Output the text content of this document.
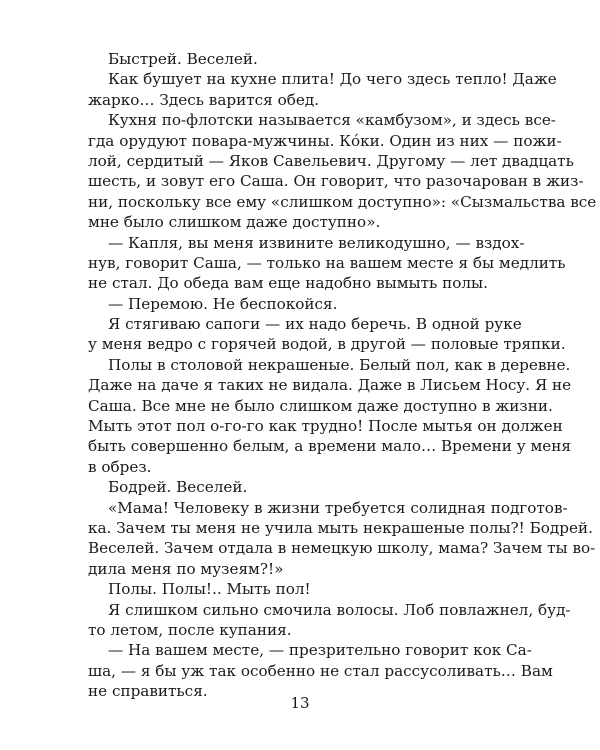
Быстрей. Веселей.
Как бушует на кухне плита! До чего здесь тепло! Даже
жарко… Здесь варится обед.
Кухня по-флотски называется «камбузом», и здесь все-
гда орудуют повара-мужчины. Кóки. Один из них — пожи-
лой, сердитый — Яков Савельевич. Другому — лет двадцать
шесть, и зовут его Саша. Он говорит, что разочарован в жиз-
ни, поскольку все ему «слишком доступно»: «Сызмальства все
мне было слишком даже доступно».
— Капля, вы меня извините великодушно, — вздох-
нув, говорит Саша, — только на вашем месте я бы медлить
не стал. До обеда вам еще надобно вымыть полы.
— Перемою. Не беспокойся.
Я стягиваю сапоги — их надо беречь. В одной руке
у меня ведро с горячей водой, в другой — половые тряпки.
Полы в столовой некрашеные. Белый пол, как в деревне.
Даже на даче я таких не видала. Даже в Лисьем Носу. Я не
Саша. Все мне не было слишком даже доступно в жизни.
Мыть этот пол о-го-го как трудно! После мытья он должен
быть совершенно белым, а времени мало… Времени у меня
в обрез.
Бодрей. Веселей.
«Мама! Человеку в жизни требуется солидная подготов-
ка. Зачем ты меня не учила мыть некрашеные полы?! Бодрей.
Веселей. Зачем отдала в немецкую школу, мама? Зачем ты во-
дила меня по музеям?!»
Полы. Полы!.. Мыть пол!
Я слишком сильно смочила волосы. Лоб повлажнел, буд-
то летом, после купания.
— На вашем месте, — презрительно говорит кок Са-
ша, — я бы уж так особенно не стал рассусоливать… Вам
не справиться.
13
